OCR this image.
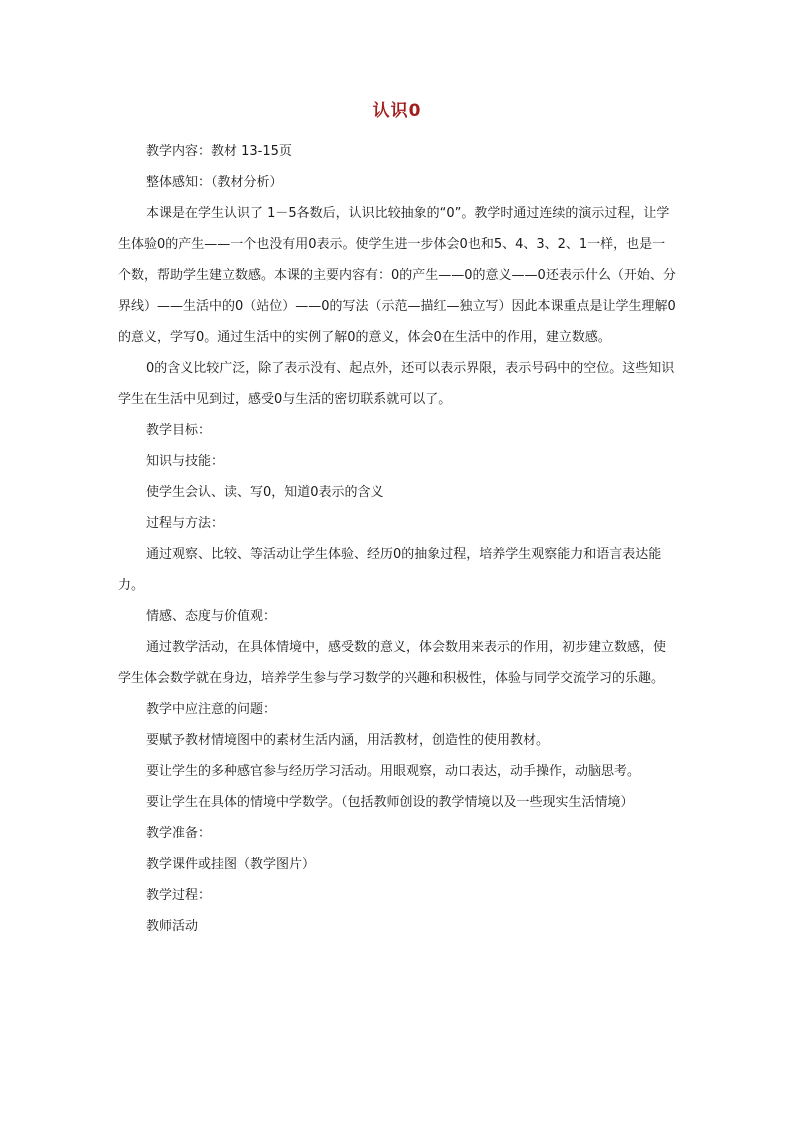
认识0

教学内容：教材 13-15页

整体感知：（教材分析）

本课是在学生认识了 1－5各数后，认识比较抽象的“0”。教学时通过连续的演示过程，让学生体验0的产生——一个也没有用0表示。使学生进一步体会0也和5、4、3、2、1一样，也是一个数，帮助学生建立数感。本课的主要内容有：0的产生——0的意义——0还表示什么（开始、分界线）——生活中的0（站位）——0的写法（示范—描红—独立写）因此本课重点是让学生理解0的意义，学写0。通过生活中的实例了解0的意义，体会0在生活中的作用，建立数感。

0的含义比较广泛，除了表示没有、起点外，还可以表示界限，表示号码中的空位。这些知识学生在生活中见到过，感受0与生活的密切联系就可以了。

教学目标：

知识与技能：

使学生会认、读、写0，知道0表示的含义

过程与方法：

通过观察、比较、等活动让学生体验、经历0的抽象过程，培养学生观察能力和语言表达能力。

情感、态度与价值观：

通过教学活动，在具体情境中，感受数的意义，体会数用来表示的作用，初步建立数感，使学生体会数学就在身边，培养学生参与学习数学的兴趣和积极性，体验与同学交流学习的乐趣。

教学中应注意的问题：

要赋予教材情境图中的素材生活内涵，用活教材，创造性的使用教材。

要让学生的多种感官参与经历学习活动。用眼观察，动口表达，动手操作，动脑思考。

要让学生在具体的情境中学数学。（包括教师创设的教学情境以及一些现实生活情境）

教学准备：

教学课件或挂图（教学图片）

教学过程：

教师活动
